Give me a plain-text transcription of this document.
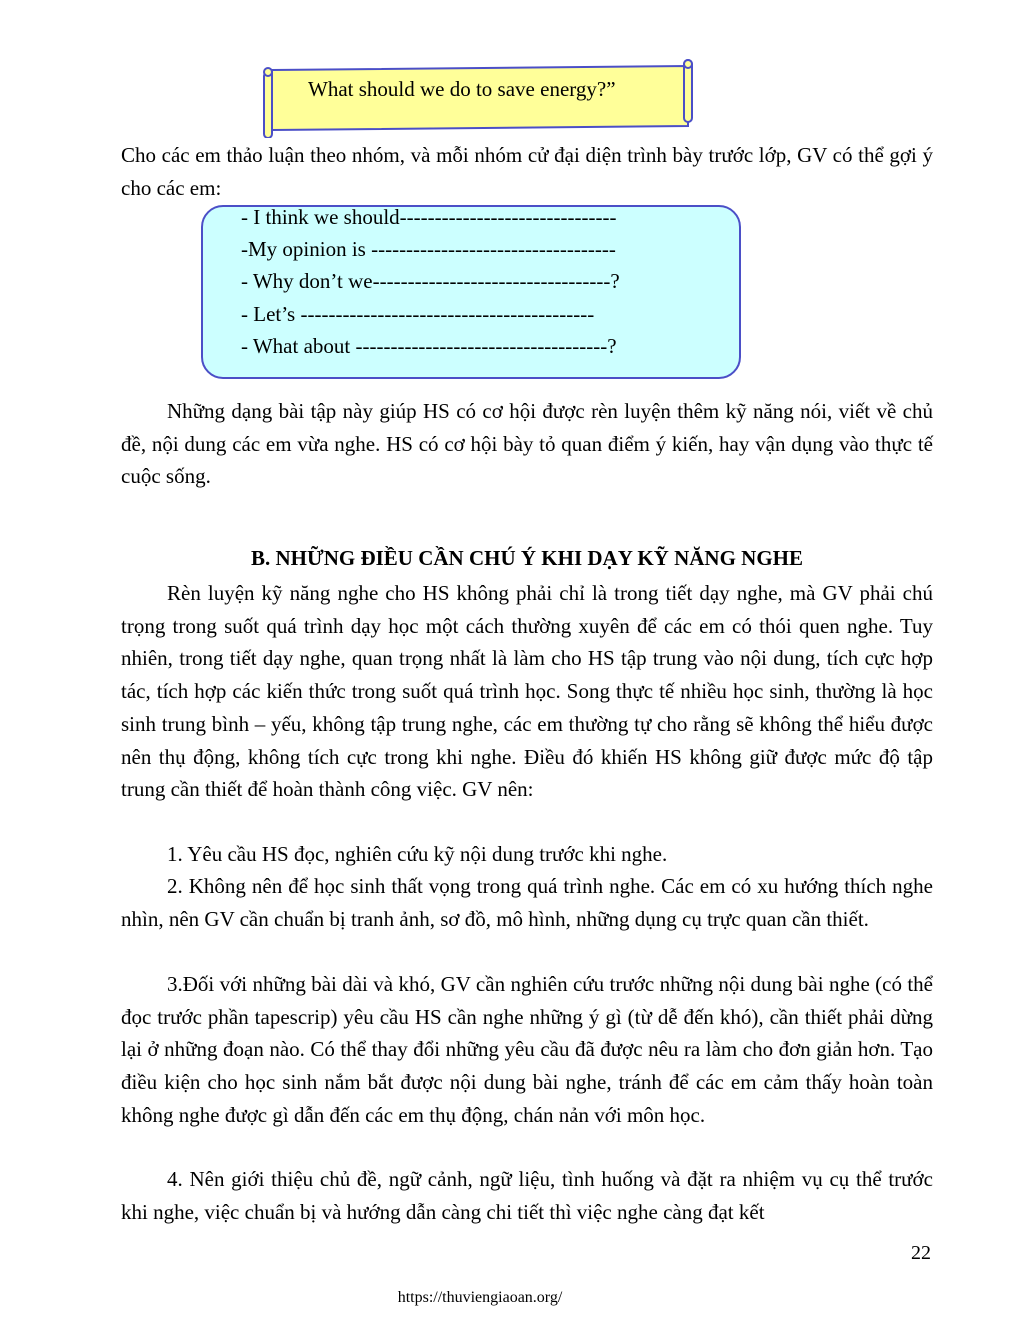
What should we do to save energy?”

Cho các em thảo luận theo nhóm, và mỗi nhóm cử đại diện trình bày trước lớp, GV có thể gợi ý cho các em:

- I think we should-------------------------------
-My opinion is -----------------------------------
- Why don’t we----------------------------------?
- Let’s ------------------------------------------
- What about ------------------------------------?

Những dạng bài tập này giúp HS có cơ hội được rèn luyện thêm kỹ năng nói, viết về chủ đề, nội dung các em vừa nghe. HS có cơ hội bày tỏ quan điểm ý kiến, hay vận dụng vào thực tế cuộc sống.

B. NHỮNG ĐIỀU CẦN CHÚ Ý KHI DẠY KỸ NĂNG NGHE

Rèn luyện kỹ năng nghe cho HS không phải chỉ là trong tiết dạy nghe, mà GV phải chú trọng trong suốt quá trình dạy học một cách thường xuyên để các em có thói quen nghe. Tuy nhiên, trong tiết dạy nghe, quan trọng nhất là làm cho HS tập trung vào nội dung, tích cực hợp tác, tích hợp các kiến thức trong suốt quá trình học. Song thực tế nhiều học sinh, thường là học sinh trung bình – yếu, không tập trung nghe, các em thường tự cho rằng sẽ không thể hiểu được nên thụ động, không tích cực trong khi nghe. Điều đó khiến HS không giữ được mức độ tập trung cần thiết để hoàn thành công việc. GV nên:

1. Yêu cầu HS đọc, nghiên cứu kỹ nội dung trước khi nghe.

2. Không nên để học sinh thất vọng trong quá trình nghe. Các em có xu hướng thích nghe nhìn, nên GV cần chuẩn bị tranh ảnh, sơ đồ, mô hình, những dụng cụ trực quan cần thiết.

3.Đối với những bài dài và khó, GV cần nghiên cứu trước những nội dung bài nghe (có thể đọc trước phần tapescrip) yêu cầu HS cần nghe những ý gì (từ dễ đến khó), cần thiết phải dừng lại ở những đoạn nào. Có thể thay đổi những yêu cầu đã được nêu ra làm cho đơn giản hơn. Tạo điều kiện cho học sinh nắm bắt được nội dung bài nghe, tránh để các em cảm thấy hoàn toàn không nghe được gì dẫn đến các em thụ động, chán nản với môn học.

4. Nên giới thiệu chủ đề, ngữ cảnh, ngữ liệu, tình huống và đặt ra nhiệm vụ cụ thể trước khi nghe, việc chuẩn bị và hướng dẫn càng chi tiết thì việc nghe càng đạt kết

22
https://thuviengiaoan.org/
